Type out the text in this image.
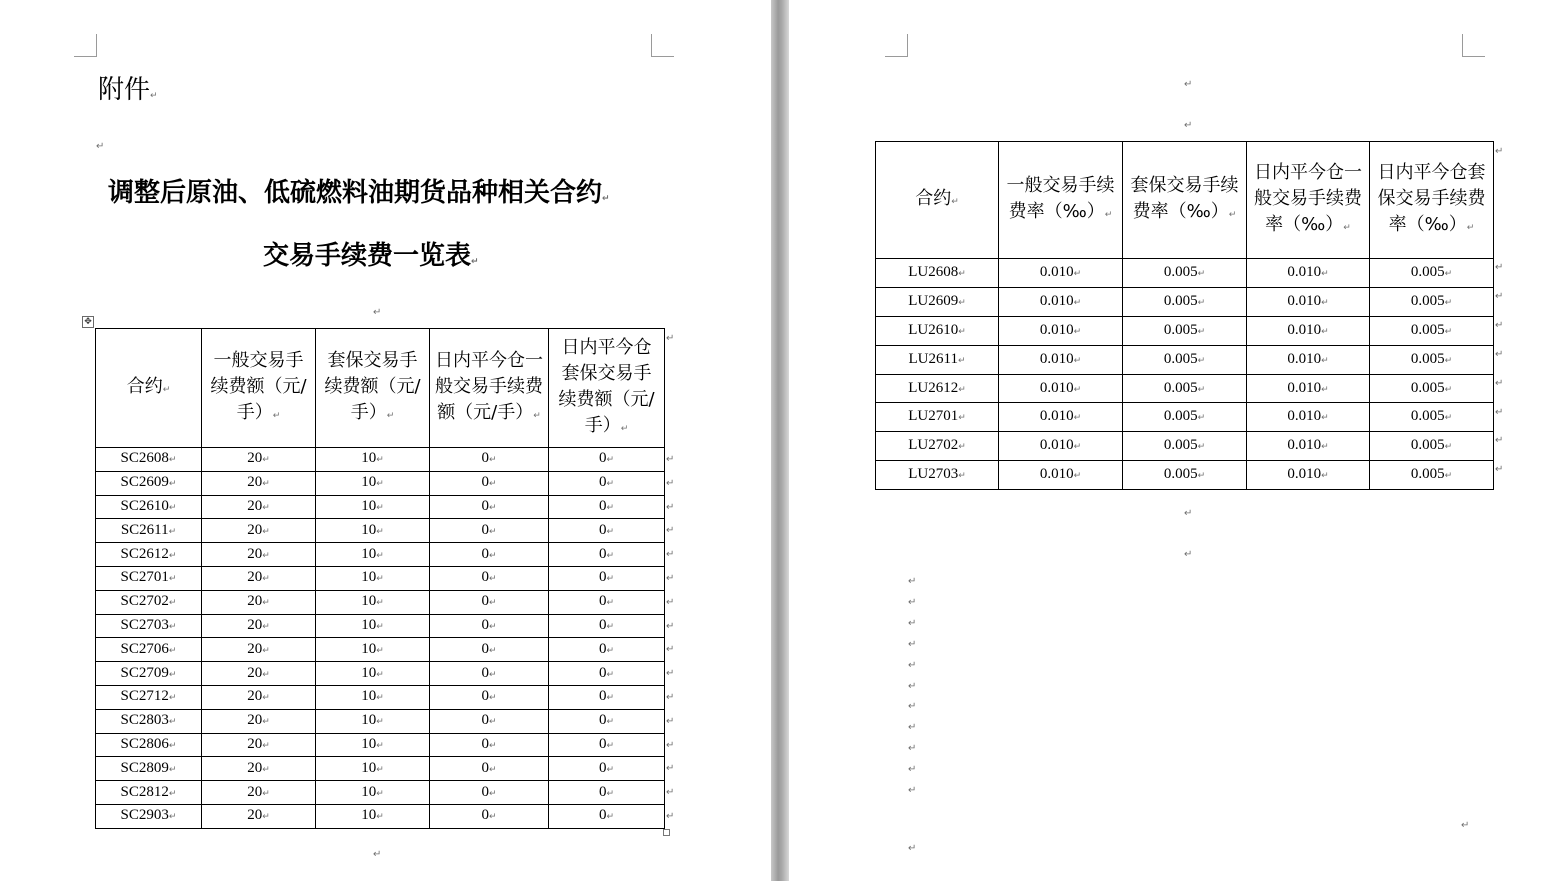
附件↵
↵
调整后原油、低硫燃料油期货品种相关合约↵
交易手续费一览表↵
↵
✥
合约↵	一般交易手续费额（元/手）↵	套保交易手续费额（元/手）↵	日内平今仓一般交易手续费额（元/手）↵	日内平今仓套保交易手续费额（元/手）↵
SC2608↵	20↵	10↵	0↵	0↵
SC2609↵	20↵	10↵	0↵	0↵
SC2610↵	20↵	10↵	0↵	0↵
SC2611↵	20↵	10↵	0↵	0↵
SC2612↵	20↵	10↵	0↵	0↵
SC2701↵	20↵	10↵	0↵	0↵
SC2702↵	20↵	10↵	0↵	0↵
SC2703↵	20↵	10↵	0↵	0↵
SC2706↵	20↵	10↵	0↵	0↵
SC2709↵	20↵	10↵	0↵	0↵
SC2712↵	20↵	10↵	0↵	0↵
SC2803↵	20↵	10↵	0↵	0↵
SC2806↵	20↵	10↵	0↵	0↵
SC2809↵	20↵	10↵	0↵	0↵
SC2812↵	20↵	10↵	0↵	0↵
SC2903↵	20↵	10↵	0↵	0↵
↵
↵
↵
↵
↵
↵
↵
↵
↵
↵
↵
↵
↵
↵
↵
↵
↵
↵
↵
↵
合约↵	一般交易手续费率（‰）↵	套保交易手续费率（‰）↵	日内平今仓一般交易手续费率（‰）↵	日内平今仓套保交易手续费率（‰）↵
LU2608↵	0.010↵	0.005↵	0.010↵	0.005↵
LU2609↵	0.010↵	0.005↵	0.010↵	0.005↵
LU2610↵	0.010↵	0.005↵	0.010↵	0.005↵
LU2611↵	0.010↵	0.005↵	0.010↵	0.005↵
LU2612↵	0.010↵	0.005↵	0.010↵	0.005↵
LU2701↵	0.010↵	0.005↵	0.010↵	0.005↵
LU2702↵	0.010↵	0.005↵	0.010↵	0.005↵
LU2703↵	0.010↵	0.005↵	0.010↵	0.005↵
↵
↵
↵
↵
↵
↵
↵
↵
↵
↵
↵
↵
↵
↵
↵
↵
↵
↵
↵
↵
↵
↵
↵
↵
